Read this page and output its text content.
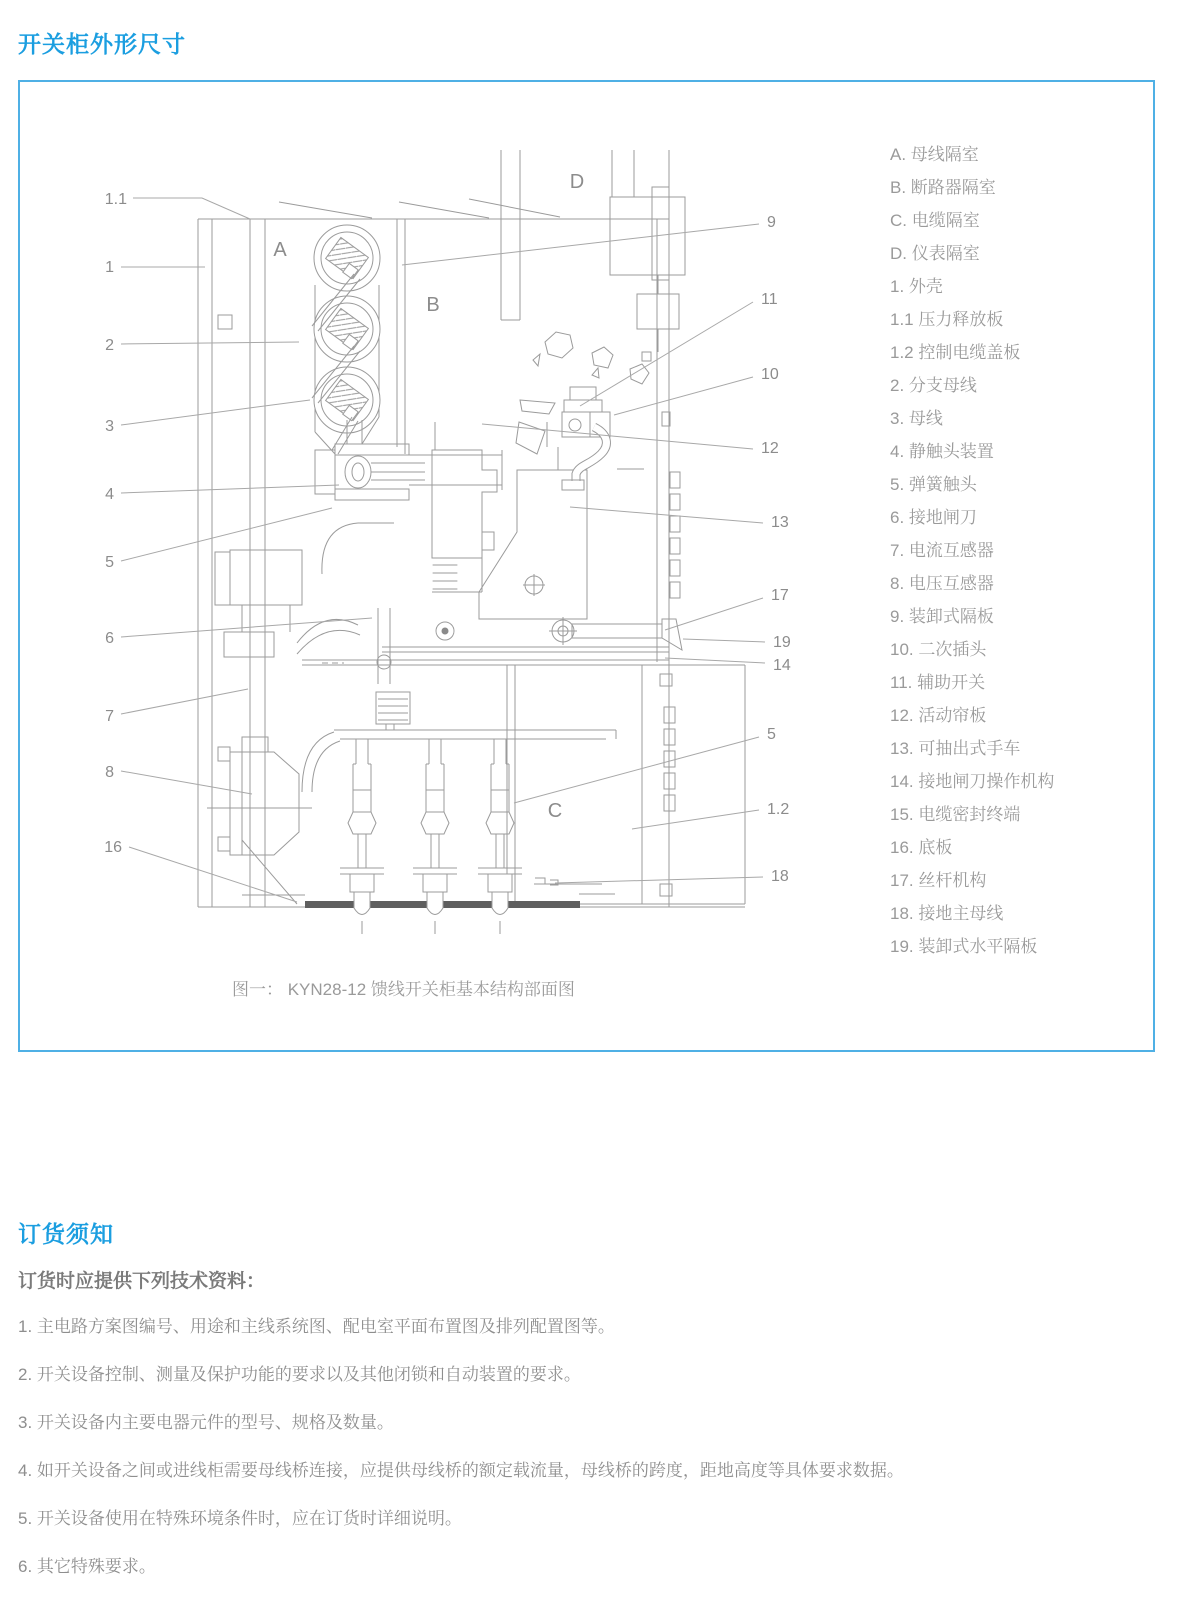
开关柜外形尺寸
1.1
1
2
3
4
5
6
7
8
16
9
11
10
12
13
17
19
14
5
1.2
18
A
B
C
D
A. 母线隔室
B. 断路器隔室
C. 电缆隔室
D. 仪表隔室
1. 外壳
1.1 压力释放板
1.2 控制电缆盖板
2. 分支母线
3. 母线
4. 静触头装置
5. 弹簧触头
6. 接地闸刀
7. 电流互感器
8. 电压互感器
9. 装卸式隔板
10. 二次插头
11. 辅助开关
12. 活动帘板
13. 可抽出式手车
14. 接地闸刀操作机构
15. 电缆密封终端
16. 底板
17. 丝杆机构
18. 接地主母线
19. 装卸式水平隔板
图一： KYN28-12 馈线开关柜基本结构部面图
订货须知
订货时应提供下列技术资料：
1. 主电路方案图编号、用途和主线系统图、配电室平面布置图及排列配置图等。
2. 开关设备控制、测量及保护功能的要求以及其他闭锁和自动装置的要求。
3. 开关设备内主要电器元件的型号、规格及数量。
4. 如开关设备之间或进线柜需要母线桥连接，应提供母线桥的额定载流量，母线桥的跨度，距地高度等具体要求数据。
5. 开关设备使用在特殊环境条件时，应在订货时详细说明。
6. 其它特殊要求。
